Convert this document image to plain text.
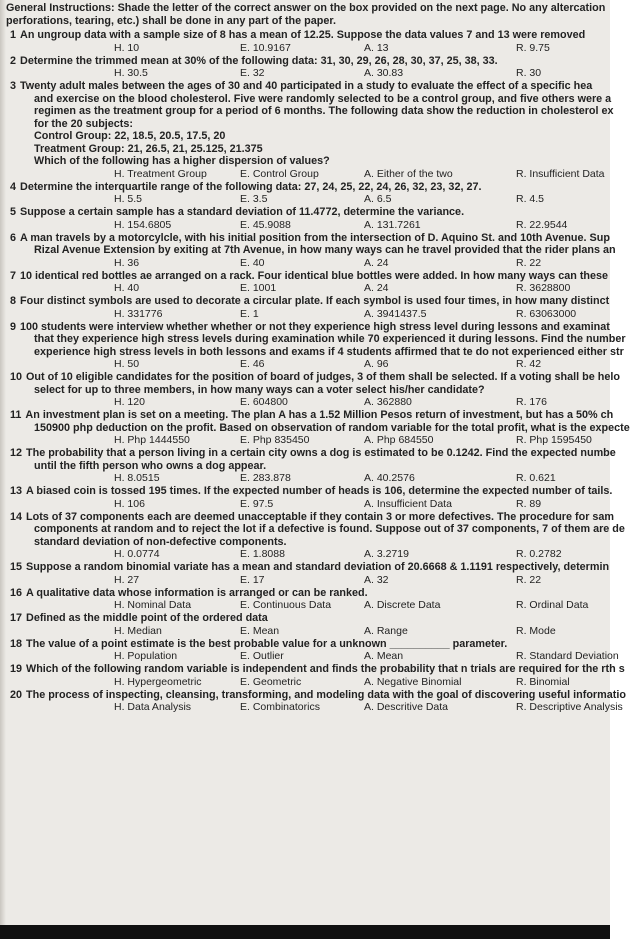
General Instructions: Shade the letter of the correct answer on the box provided on the next page. No any altercation
perforations, tearing, etc.) shall be done in any part of the paper.
1 An ungroup data with a sample size of 8 has a mean of 12.25. Suppose the data values 7 and 13 were removed
H. 10	E. 10.9167	A. 13	R. 9.75
2 Determine the trimmed mean at 30% of the following data: 31, 30, 29, 26, 28, 30, 37, 25, 38, 33.
H. 30.5	E. 32	A. 30.83	R. 30
3 Twenty adult males between the ages of 30 and 40 participated in a study to evaluate the effect of a specific hea
and exercise on the blood cholesterol. Five were randomly selected to be a control group, and five others were a
regimen as the treatment group for a period of 6 months. The following data show the reduction in cholesterol ex
for the 20 subjects:
Control Group: 22, 18.5, 20.5, 17.5, 20
Treatment Group: 21, 26.5, 21, 25.125, 21.375
Which of the following has a higher dispersion of values?
H. Treatment Group	E. Control Group	A. Either of the two	R. Insufficient Data
4 Determine the interquartile range of the following data: 27, 24, 25, 22, 24, 26, 32, 23, 32, 27.
H. 5.5	E. 3.5	A. 6.5	R. 4.5
5 Suppose a certain sample has a standard deviation of 11.4772, determine the variance.
H. 154.6805	E. 45.9088	A. 131.7261	R. 22.9544
6 A man travels by a motorcylcle, with his initial position from the intersection of D. Aquino St. and 10th Avenue. Sup
Rizal Avenue Extension by exiting at 7th Avenue, in how many ways can he travel provided that the rider plans an
H. 36	E. 40	A. 24	R. 22
7 10 identical red bottles ae arranged on a rack. Four identical blue bottles were added. In how many ways can these
H. 40	E. 1001	A. 24	R. 3628800
8 Four distinct symbols are used to decorate a circular plate. If each symbol is used four times, in how many distinct
H. 331776	E. 1	A. 3941437.5	R. 63063000
9 100 students were interview whether whether or not they experience high stress level during lessons and examinat
that they experience high stress levels during examination while 70 experienced it during lessons. Find the number
experience high stress levels in both lessons and exams if 4 students affirmed that te do not experienced either str
H. 50	E. 46	A. 96	R. 42
10 Out of 10 eligible candidates for the position of board of judges, 3 of them shall be selected. If a voting shall be helo
select for up to three members, in how many ways can a voter select his/her candidate?
H. 120	E. 604800	A. 362880	R. 176
11 An investment plan is set on a meeting. The plan A has a 1.52 Million Pesos return of investment, but has a 50% ch
150900 php deduction on the profit. Based on observation of random variable for the total profit, what is the expecte
H. Php 1444550	E. Php 835450	A. Php 684550	R. Php 1595450
12 The probability that a person living in a certain city owns a dog is estimated to be 0.1242. Find the expected numbe
until the fifth person who owns a dog appear.
H. 8.0515	E. 283.878	A. 40.2576	R. 0.621
13 A biased coin is tossed 195 times. If the expected number of heads is 106, determine the expected number of tails.
H. 106	E. 97.5	A. Insufficient Data	R. 89
14 Lots of 37 components each are deemed unacceptable if they contain 3 or more defectives. The procedure for sam
components at random and to reject the lot if a defective is found. Suppose out of 37 components, 7 of them are de
standard deviation of non-defective components.
H. 0.0774	E. 1.8088	A. 3.2719	R. 0.2782
15 Suppose a random binomial variate has a mean and standard deviation of 20.6668 & 1.1191 respectively, determin
H. 27	E. 17	A. 32	R. 22
16 A qualitative data whose information is arranged or can be ranked.
H. Nominal Data	E. Continuous Data	A. Discrete Data	R. Ordinal Data
17 Defined as the middle point of the ordered data
H. Median	E. Mean	A. Range	R. Mode
18 The value of a point estimate is the best probable value for a unknown __________ parameter.
H. Population	E. Outlier	A. Mean	R. Standard Deviation
19 Which of the following random variable is independent and finds the probability that n trials are required for the rth s
H. Hypergeometric	E. Geometric	A. Negative Binomial	R. Binomial
20 The process of inspecting, cleansing, transforming, and modeling data with the goal of discovering useful informatio
H. Data Analysis	E. Combinatorics	A. Descritive Data	R. Descriptive Analysis
